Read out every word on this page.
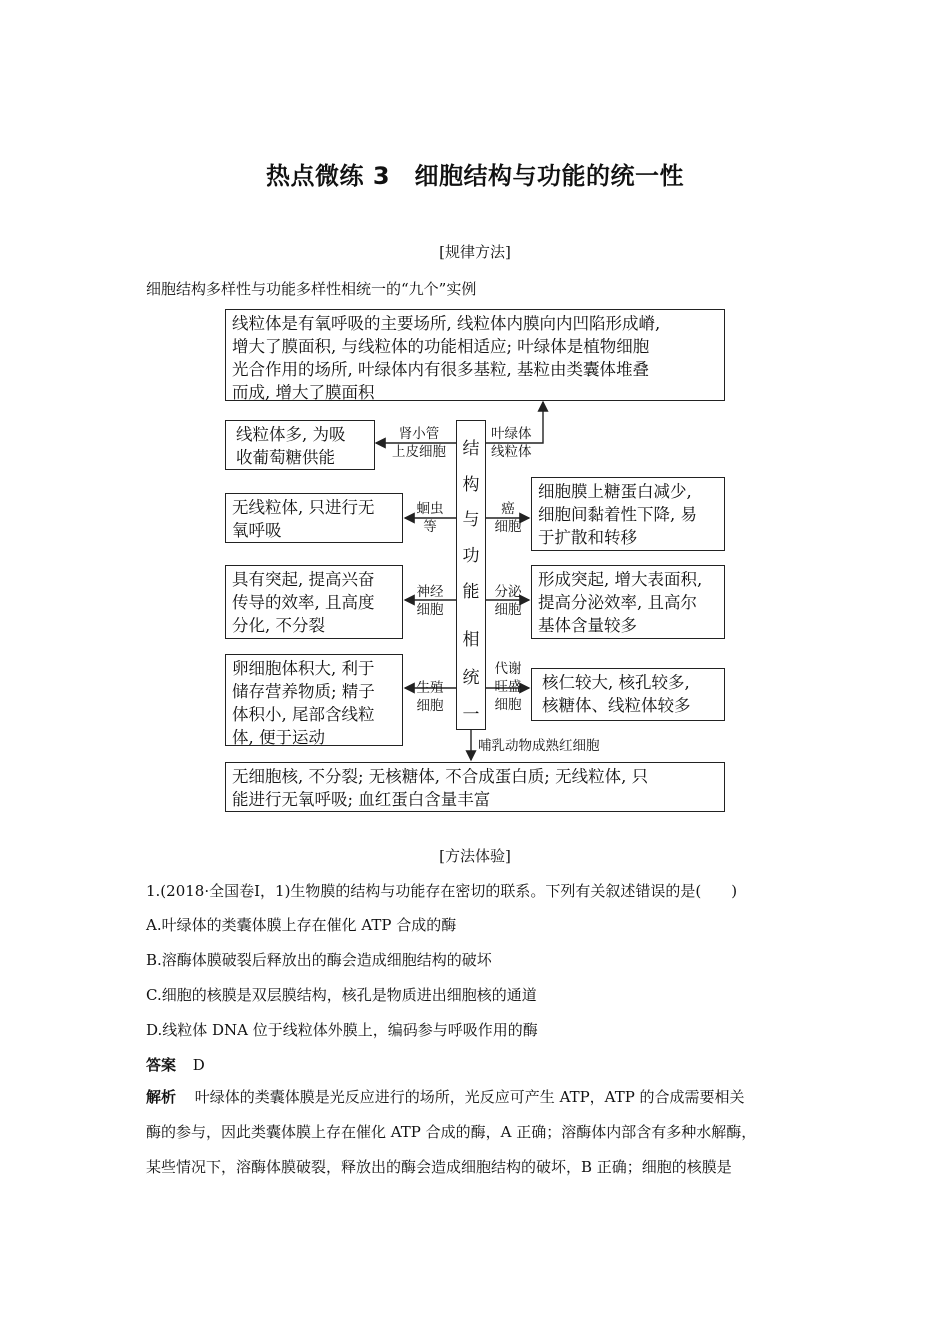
热点微练 3　细胞结构与功能的统一性
[规律方法]
细胞结构多样性与功能多样性相统一的“九个”实例
线粒体是有氧呼吸的主要场所, 线粒体内膜向内凹陷形成嵴,
增大了膜面积, 与线粒体的功能相适应; 叶绿体是植物细胞
光合作用的场所, 叶绿体内有很多基粒, 基粒由类囊体堆叠
而成, 增大了膜面积
叶绿体
线粒体
结
构
与
功
能
相
统
一
线粒体多, 为吸
收葡萄糖供能
肾小管
上皮细胞
无线粒体, 只进行无
氧呼吸
蛔虫
等
具有突起, 提高兴奋
传导的效率, 且高度
分化, 不分裂
神经
细胞
卵细胞体积大, 利于
储存营养物质; 精子
体积小, 尾部含线粒
体, 便于运动
生殖
细胞
细胞膜上糖蛋白减少,
细胞间黏着性下降, 易
于扩散和转移
癌
细胞
形成突起, 增大表面积,
提高分泌效率, 且高尔
基体含量较多
分泌
细胞
核仁较大, 核孔较多,
核糖体、线粒体较多
代谢
旺盛
细胞
哺乳动物成熟红细胞
无细胞核, 不分裂; 无核糖体, 不合成蛋白质; 无线粒体, 只
能进行无氧呼吸; 血红蛋白含量丰富
[方法体验]
1.(2018·全国卷Ⅰ，1)生物膜的结构与功能存在密切的联系。下列有关叙述错误的是(　　)
A.叶绿体的类囊体膜上存在催化 ATP 合成的酶
B.溶酶体膜破裂后释放出的酶会造成细胞结构的破坏
C.细胞的核膜是双层膜结构，核孔是物质进出细胞核的通道
D.线粒体 DNA 位于线粒体外膜上，编码参与呼吸作用的酶
答案 D
解析 叶绿体的类囊体膜是光反应进行的场所，光反应可产生 ATP，ATP 的合成需要相关
酶的参与，因此类囊体膜上存在催化 ATP 合成的酶，A 正确；溶酶体内部含有多种水解酶，
某些情况下，溶酶体膜破裂，释放出的酶会造成细胞结构的破坏，B 正确；细胞的核膜是
